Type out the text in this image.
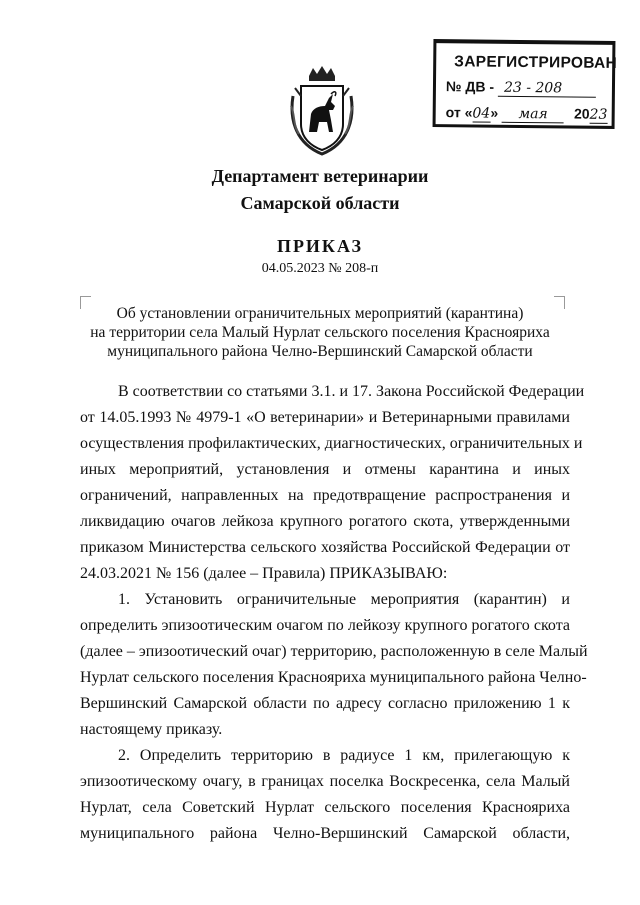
ЗАРЕГИСТРИРОВАН
№ ДВ - 23 - 208
от «04» мая 2023
Департамент ветеринарии
Самарской области
ПРИКАЗ
04.05.2023 № 208-п
Об установлении ограничительных мероприятий (карантина)
на территории села Малый Нурлат сельского поселения Краснояриха
муниципального района Челно-Вершинский Самарской области
В соответствии со статьями 3.1. и 17. Закона Российской Федерации
от 14.05.1993 № 4979-1 «О ветеринарии» и Ветеринарными правилами
осуществления профилактических, диагностических, ограничительных и
иных мероприятий, установления и отмены карантина и иных
ограничений, направленных на предотвращение распространения и
ликвидацию очагов лейкоза крупного рогатого скота, утвержденными
приказом Министерства сельского хозяйства Российской Федерации от
24.03.2021 № 156 (далее – Правила) ПРИКАЗЫВАЮ:
1. Установить ограничительные мероприятия (карантин) и
определить эпизоотическим очагом по лейкозу крупного рогатого скота
(далее – эпизоотический очаг) территорию, расположенную в селе Малый
Нурлат сельского поселения Краснояриха муниципального района Челно-
Вершинский Самарской области по адресу согласно приложению 1 к
настоящему приказу.
2. Определить территорию в радиусе 1 км, прилегающую к
эпизоотическому очагу, в границах поселка Воскресенка, села Малый
Нурлат, села Советский Нурлат сельского поселения Краснояриха
муниципального района Челно-Вершинский Самарской области,
